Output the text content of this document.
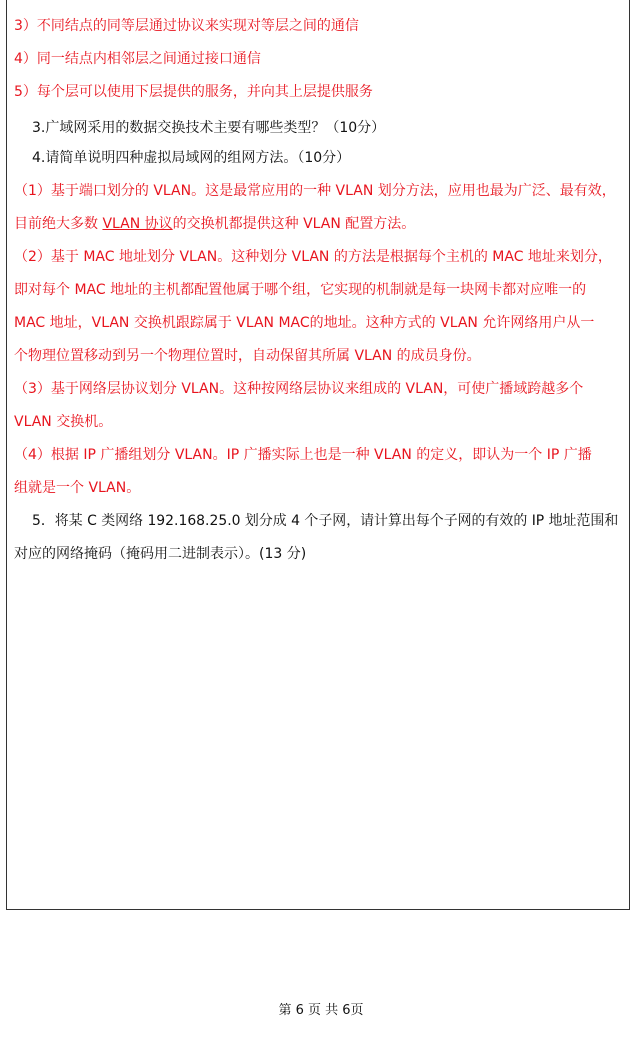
3）不同结点的同等层通过协议来实现对等层之间的通信
4）同一结点内相邻层之间通过接口通信
5）每个层可以使用下层提供的服务，并向其上层提供服务
3.广域网采用的数据交换技术主要有哪些类型？（10分）
4.请简单说明四种虚拟局域网的组网方法。（10分）
（1）基于端口划分的 VLAN。这是最常应用的一种 VLAN 划分方法，应用也最为广泛、最有效，
目前绝大多数 VLAN 协议的交换机都提供这种 VLAN 配置方法。
（2）基于 MAC 地址划分 VLAN。这种划分 VLAN 的方法是根据每个主机的 MAC 地址来划分，
即对每个 MAC 地址的主机都配置他属于哪个组，它实现的机制就是每一块网卡都对应唯一的
MAC 地址，VLAN 交换机跟踪属于 VLAN MAC的地址。这种方式的 VLAN 允许网络用户从一
个物理位置移动到另一个物理位置时，自动保留其所属 VLAN 的成员身份。
（3）基于网络层协议划分 VLAN。这种按网络层协议来组成的 VLAN，可使广播域跨越多个
VLAN 交换机。
（4）根据 IP 广播组划分 VLAN。IP 广播实际上也是一种 VLAN 的定义，即认为一个 IP 广播
组就是一个 VLAN。
5．将某 C 类网络 192.168.25.0 划分成 4 个子网，请计算出每个子网的有效的 IP 地址范围和
对应的网络掩码（掩码用二进制表示）。(13 分)
第 6 页 共 6页
